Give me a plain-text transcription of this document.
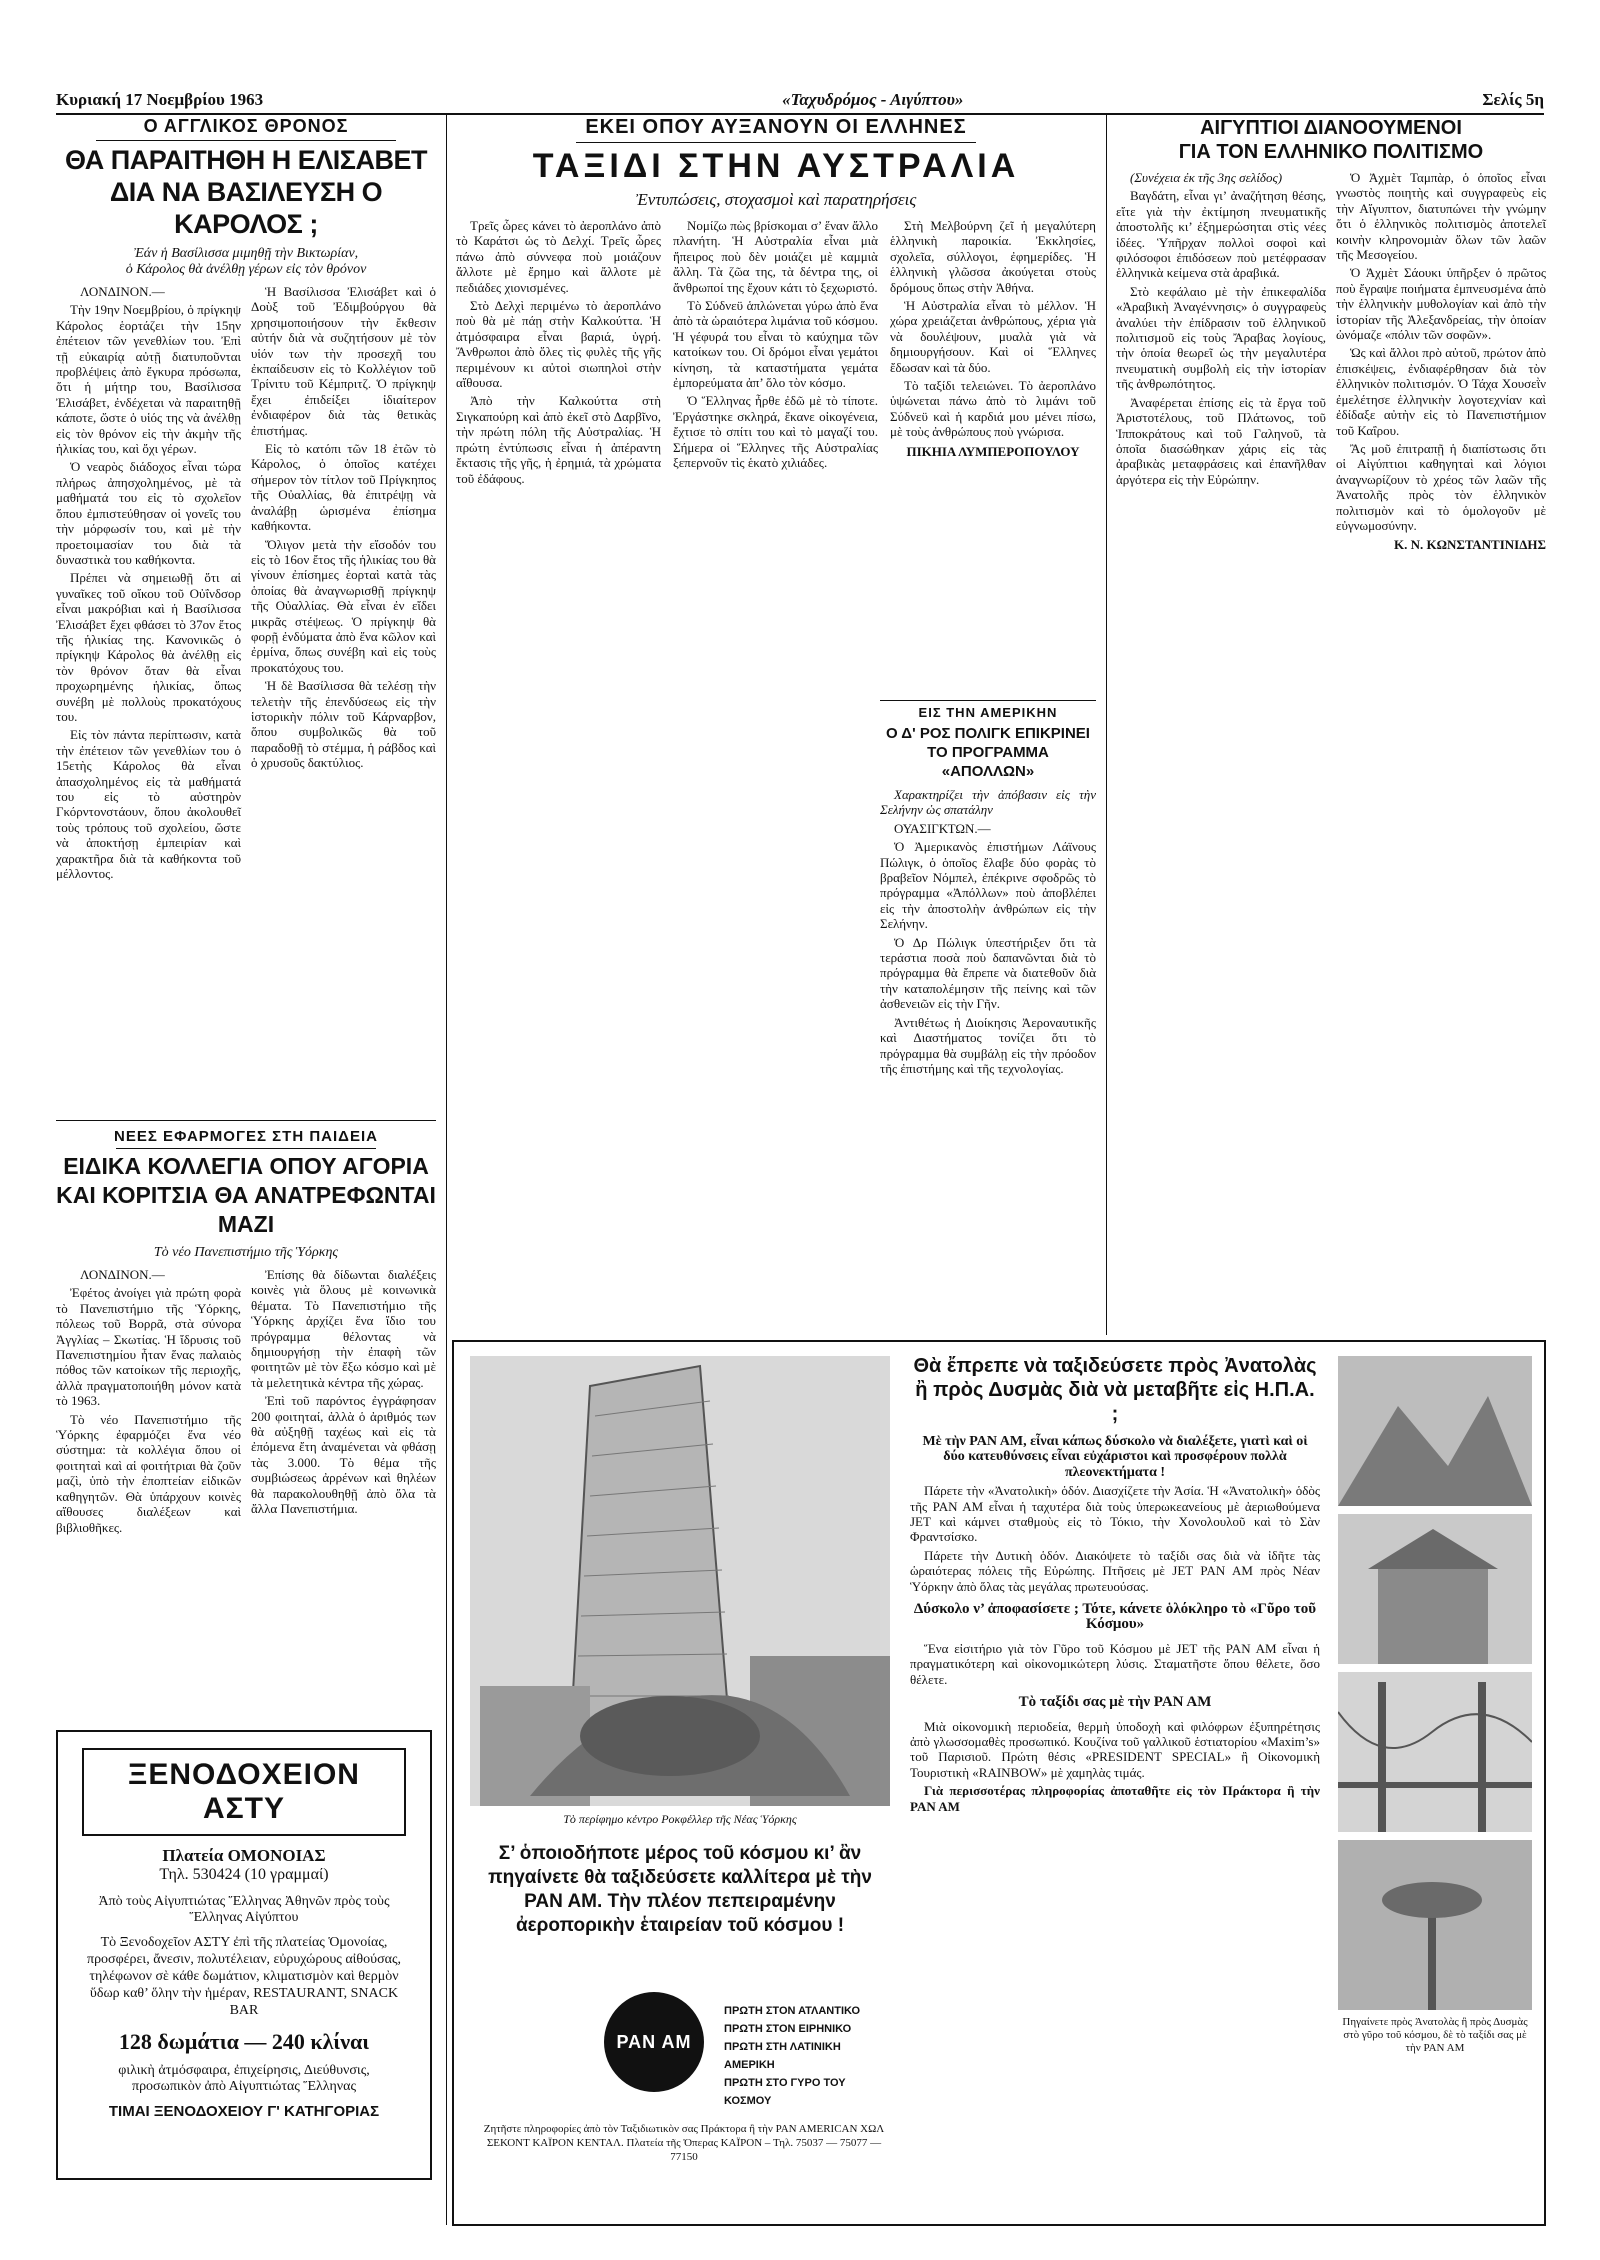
Κυριακή 17 Νοεμβρίου 1963	«Ταχυδρόμος - Αιγύπτου»	Σελίς 5η
Ο ΑΓΓΛΙΚΟΣ ΘΡΟΝΟΣ
ΘΑ ΠΑΡΑΙΤΗΘΗ Η ΕΛΙΣΑΒΕΤ
ΔΙΑ ΝΑ ΒΑΣΙΛΕΥΣΗ Ο ΚΑΡΟΛΟΣ ;
Ἐάν ἡ Βασίλισσα μιμηθῇ τὴν Βικτωρίαν,
ὁ Κάρολος θὰ ἀνέλθῃ γέρων εἰς τὸν θρόνον

ΛΟΝΔΙΝΟΝ.—

Τὴν 19ην Νοεμβρίου, ὁ πρίγκηψ Κάρολος ἑορτάζει τὴν 15ην ἐπέτειον τῶν γενεθλίων του. Ἐπὶ τῇ εὐκαιρίᾳ αὐτῇ διατυποῦνται προβλέψεις ἀπὸ ἔγκυρα πρόσωπα, ὅτι ἡ μήτηρ του, Βασίλισσα Ἐλισάβετ, ἐνδέχεται νὰ παραιτηθῇ κάποτε, ὥστε ὁ υἱός της νὰ ἀνέλθῃ εἰς τὸν θρόνον εἰς τὴν ἀκμὴν τῆς ἡλικίας του, καὶ ὄχι γέρων.

Ὁ νεαρὸς διάδοχος εἶναι τώρα πλήρως ἀπησχολημένος, μὲ τὰ μαθήματά του εἰς τὸ σχολεῖον ὅπου ἐμπιστεύθησαν οἱ γονεῖς του τὴν μόρφωσίν του, καὶ μὲ τὴν προετοιμασίαν του διὰ τὰ δυναστικὰ του καθήκοντα.

Πρέπει νὰ σημειωθῇ ὅτι αἱ γυναῖκες τοῦ οἴκου τοῦ Οὐΐνδσορ εἶναι μακρόβιαι καὶ ἡ Βασίλισσα Ἐλισάβετ ἔχει φθάσει τὸ 37ον ἔτος τῆς ἡλικίας της. Κανονικῶς ὁ πρίγκηψ Κάρολος θὰ ἀνέλθῃ εἰς τὸν θρόνον ὅταν θὰ εἶναι προχωρημένης ἡλικίας, ὅπως συνέβη μὲ πολλοὺς προκατόχους του.

Εἰς τὸν πάντα περίπτωσιν, κατὰ τὴν ἐπέτειον τῶν γενεθλίων του ὁ 15ετὴς Κάρολος θὰ εἶναι ἀπασχολημένος εἰς τὰ μαθήματά του εἰς τὸ αὐστηρὸν Γκόρντονστάουν, ὅπου ἀκολουθεῖ τοὺς τρόπους τοῦ σχολείου, ὥστε νὰ ἀποκτήσῃ ἐμπειρίαν καὶ χαρακτῆρα διὰ τὰ καθήκοντα τοῦ μέλλοντος.

Ἡ Βασίλισσα Ἐλισάβετ καὶ ὁ Δοὺξ τοῦ Ἐδιμβούργου θὰ χρησιμοποιήσουν τὴν ἔκθεσιν αὐτήν διὰ νὰ συζητήσουν μὲ τὸν υἱόν των τὴν προσεχῆ του ἐκπαίδευσιν εἰς τὸ Κολλέγιον τοῦ Τρίνιτυ τοῦ Κέμπριτζ. Ὁ πρίγκηψ ἔχει ἐπιδείξει ἰδιαίτερον ἐνδιαφέρον διὰ τὰς θετικὰς ἐπιστήμας.

Εἰς τὸ κατόπι τῶν 18 ἐτῶν τὸ Κάρολος, ὁ ὁποῖος κατέχει σήμερον τὸν τίτλον τοῦ Πρίγκηπος τῆς Οὐαλλίας, θὰ ἐπιτρέψῃ νὰ ἀναλάβῃ ὡρισμένα ἐπίσημα καθήκοντα.

Ὅλιγον μετὰ τὴν εἴσοδόν του εἰς τὸ 16ον ἔτος τῆς ἡλικίας του θὰ γίνουν ἐπίσημες ἑορταὶ κατὰ τὰς ὁποίας θὰ ἀναγνωρισθῇ πρίγκηψ τῆς Οὐαλλίας. Θὰ εἶναι ἐν εἴδει μικρᾶς στέψεως. Ὁ πρίγκηψ θὰ φορῇ ἐνδύματα ἀπὸ ἕνα κῶλον καὶ ἐρμίνα, ὅπως συνέβη καὶ εἰς τοὺς προκατόχους του.

Ἡ δὲ Βασίλισσα θὰ τελέσῃ τὴν τελετὴν τῆς ἐπενδύσεως εἰς τὴν ἱστορικὴν πόλιν τοῦ Κάρναρβον, ὅπου συμβολικῶς θὰ τοῦ παραδοθῇ τὸ στέμμα, ἡ ράβδος καὶ ὁ χρυσοῦς δακτύλιος.

ΝΕΕΣ ΕΦΑΡΜΟΓΕΣ ΣΤΗ ΠΑΙΔΕΙΑ
ΕΙΔΙΚΑ ΚΟΛΛΕΓΙΑ ΟΠΟΥ ΑΓΟΡΙΑ
ΚΑΙ ΚΟΡΙΤΣΙΑ ΘΑ ΑΝΑΤΡΕΦΩΝΤΑΙ ΜΑΖΙ
Τὸ νέο Πανεπιστήμιο τῆς Ὑόρκης

ΛΟΝΔΙΝΟΝ.—

Ἐφέτος ἀνοίγει γιὰ πρώτη φορὰ τὸ Πανεπιστήμιο τῆς Ὑόρκης, πόλεως τοῦ Βορρᾶ, στὰ σύνορα Ἀγγλίας – Σκωτίας. Ἡ ἴδρυσις τοῦ Πανεπιστημίου ἦταν ἕνας παλαιὸς πόθος τῶν κατοίκων τῆς περιοχῆς, ἀλλὰ πραγματοποιήθη μόνον κατὰ τὸ 1963.

Τὸ νέο Πανεπιστήμιο τῆς Ὑόρκης ἐφαρμόζει ἕνα νέο σύστημα: τὰ κολλέγια ὅπου οἱ φοιτηταὶ καὶ αἱ φοιτήτριαι θὰ ζοῦν μαζὶ, ὑπὸ τὴν ἐποπτείαν εἰδικῶν καθηγητῶν. Θὰ ὑπάρχουν κοινὲς αἴθουσες διαλέξεων καὶ βιβλιοθῆκες.

Ἐπίσης θὰ δίδωνται διαλέξεις κοινὲς γιὰ ὅλους μὲ κοινωνικὰ θέματα. Τὸ Πανεπιστήμιο τῆς Ὑόρκης ἀρχίζει ἕνα ἴδιο του πρόγραμμα θέλοντας νὰ δημιουργήσῃ τὴν ἐπαφὴ τῶν φοιτητῶν μὲ τὸν ἔξω κόσμο καὶ μὲ τὰ μελετητικὰ κέντρα τῆς χώρας.

Ἐπὶ τοῦ παρόντος ἐγγράφησαν 200 φοιτηταί, ἀλλὰ ὁ ἀριθμός των θὰ αὐξηθῇ ταχέως καὶ εἰς τὰ ἐπόμενα ἔτη ἀναμένεται νὰ φθάσῃ τὰς 3.000. Τὸ θέμα τῆς συμβιώσεως ἀρρένων καὶ θηλέων θὰ παρακολουθηθῇ ἀπὸ ὅλα τὰ ἄλλα Πανεπιστήμια.

ΞΕΝΟΔΟΧΕΙΟΝ ΑΣΤΥ
Πλατεία ΟΜΟΝΟΙΑΣ
Τηλ. 530424 (10 γραμμαί)
Ἀπὸ τοὺς Αἰγυπτιώτας Ἕλληνας Ἀθηνῶν πρὸς τοὺς Ἕλληνας Αἰγύπτου
Τὸ Ξενοδοχεῖον ΑΣΤΥ ἐπὶ τῆς πλατείας Ὁμονοίας, προσφέρει, ἄνεσιν, πολυτέλειαν, εὐρυχώρους αἰθούσας, τηλέφωνον σὲ κάθε δωμάτιον, κλιματισμὸν καὶ θερμὸν ὕδωρ καθ’ ὅλην τὴν ἡμέραν, RESTAURANT, SNACK BAR
128 δωμάτια — 240 κλίναι
φιλικὴ ἀτμόσφαιρα, ἐπιχείρησις, Διεύθυνσις, προσωπικὸν ἀπὸ Αἰγυπτιώτας Ἕλληνας
ΤΙΜΑΙ ΞΕΝΟΔΟΧΕΙΟΥ Γ' ΚΑΤΗΓΟΡΙΑΣ
ΕΚΕΙ ΟΠΟΥ ΑΥΞΑΝΟΥΝ ΟΙ ΕΛΛΗΝΕΣ
ΤΑΞΙΔΙ ΣΤΗΝ ΑΥΣΤΡΑΛΙΑ
Ἐντυπώσεις, στοχασμοὶ καὶ παρατηρήσεις

Τρεῖς ὧρες κάνει τὸ ἀεροπλάνο ἀπὸ τὸ Καράτσι ὡς τὸ Δελχί. Τρεῖς ὧρες πάνω ἀπὸ σύννεφα ποὺ μοιάζουν ἄλλοτε μὲ ἔρημο καὶ ἄλλοτε μὲ πεδιάδες χιονισμένες.

Στὸ Δελχὶ περιμένω τὸ ἀεροπλάνο ποὺ θὰ μὲ πάῃ στὴν Καλκούττα. Ἡ ἀτμόσφαιρα εἶναι βαριά, ὑγρή. Ἄνθρωποι ἀπὸ ὅλες τὶς φυλὲς τῆς γῆς περιμένουν κι αὐτοὶ σιωπηλοὶ στὴν αἴθουσα.

Ἀπὸ τὴν Καλκούττα στὴ Σιγκαπούρη καὶ ἀπὸ ἐκεῖ στὸ Δαρβῖνο, τὴν πρώτη πόλη τῆς Αὐστραλίας. Ἡ πρώτη ἐντύπωσις εἶναι ἡ ἀπέραντη ἔκτασις τῆς γῆς, ἡ ἐρημιά, τὰ χρώματα τοῦ ἐδάφους.

Νομίζω πὼς βρίσκομαι σ’ ἕναν ἄλλο πλανήτη. Ἡ Αὐστραλία εἶναι μιὰ ἤπειρος ποὺ δὲν μοιάζει μὲ καμμιὰ ἄλλη. Τὰ ζῶα της, τὰ δέντρα της, οἱ ἄνθρωποί της ἔχουν κάτι τὸ ξεχωριστό.

Τὸ Σύδνεϋ ἁπλώνεται γύρω ἀπὸ ἕνα ἀπὸ τὰ ὡραιότερα λιμάνια τοῦ κόσμου. Ἡ γέφυρά του εἶναι τὸ καύχημα τῶν κατοίκων του. Οἱ δρόμοι εἶναι γεμάτοι κίνηση, τὰ καταστήματα γεμάτα ἐμπορεύματα ἀπ’ ὅλο τὸν κόσμο.

Ὁ Ἕλληνας ἦρθε ἐδῶ μὲ τὸ τίποτε. Ἐργάστηκε σκληρά, ἔκανε οἰκογένεια, ἔχτισε τὸ σπίτι του καὶ τὸ μαγαζί του. Σήμερα οἱ Ἕλληνες τῆς Αὐστραλίας ξεπερνοῦν τὶς ἑκατὸ χιλιάδες.

Στὴ Μελβούρνη ζεῖ ἡ μεγαλύτερη ἑλληνικὴ παροικία. Ἐκκλησίες, σχολεῖα, σύλλογοι, ἐφημερίδες. Ἡ ἑλληνικὴ γλῶσσα ἀκούγεται στοὺς δρόμους ὅπως στὴν Ἀθήνα.

Ἡ Αὐστραλία εἶναι τὸ μέλλον. Ἡ χώρα χρειάζεται ἀνθρώπους, χέρια γιὰ νὰ δουλέψουν, μυαλὰ γιὰ νὰ δημιουργήσουν. Καὶ οἱ Ἕλληνες ἔδωσαν καὶ τὰ δύο.

Τὸ ταξίδι τελειώνει. Τὸ ἀεροπλάνο ὑψώνεται πάνω ἀπὸ τὸ λιμάνι τοῦ Σύδνεϋ καὶ ἡ καρδιά μου μένει πίσω, μὲ τοὺς ἀνθρώπους ποὺ γνώρισα.

ΠΙΚΗΙΑ ΛΥΜΠΕΡΟΠΟΥΛΟΥ
ΕΙΣ ΤΗΝ ΑΜΕΡΙΚΗΝ
Ο Δ' ΡΟΣ ΠΟΛΙΓΚ ΕΠΙΚΡΙΝΕΙ
ΤΟ ΠΡΟΓΡΑΜΜΑ «ΑΠΟΛΛΩΝ»

Χαρακτηρίζει τὴν ἀπόβασιν εἰς τὴν Σελήνην ὡς σπατάλην

ΟΥΑΣΙΓΚΤΩΝ.—

Ὁ Ἀμερικανὸς ἐπιστήμων Λάϊνους Πώλιγκ, ὁ ὁποῖος ἔλαβε δύο φορὰς τὸ βραβεῖον Νόμπελ, ἐπέκρινε σφοδρῶς τὸ πρόγραμμα «Ἀπόλλων» ποὺ ἀποβλέπει εἰς τὴν ἀποστολὴν ἀνθρώπων εἰς τὴν Σελήνην.

Ὁ Δρ Πώλιγκ ὑπεστήριξεν ὅτι τὰ τεράστια ποσὰ ποὺ δαπανῶνται διὰ τὸ πρόγραμμα θὰ ἔπρεπε νὰ διατεθοῦν διὰ τὴν καταπολέμησιν τῆς πείνης καὶ τῶν ἀσθενειῶν εἰς τὴν Γῆν.

Ἀντιθέτως ἡ Διοίκησις Ἀεροναυτικῆς καὶ Διαστήματος τονίζει ὅτι τὸ πρόγραμμα θὰ συμβάλῃ εἰς τὴν πρόοδον τῆς ἐπιστήμης καὶ τῆς τεχνολογίας.

ΑΙΓΥΠΤΙΟΙ ΔΙΑΝΟΟΥΜΕΝΟΙ
ΓΙΑ ΤΟΝ ΕΛΛΗΝΙΚΟ ΠΟΛΙΤΙΣΜΟ

(Συνέχεια ἐκ τῆς 3ης σελίδος)

Βαγδάτη, εἶναι γι’ ἀναζήτηση θέσης, εἴτε γιὰ τὴν ἐκτίμηση πνευματικῆς ἀποστολῆς κι’ ἐξημερώσηται στὶς νέες ἰδέες. Ὑπῆρχαν πολλοὶ σοφοὶ καὶ φιλόσοφοι ἐπιδόσεων ποὺ μετέφρασαν ἑλληνικὰ κείμενα στὰ ἀραβικά.

Στὸ κεφάλαιο μὲ τὴν ἐπικεφαλίδα «Ἀραβικὴ Ἀναγέννησις» ὁ συγγραφεὺς ἀναλύει τὴν ἐπίδρασιν τοῦ ἑλληνικοῦ πολιτισμοῦ εἰς τοὺς Ἄραβας λογίους, τὴν ὁποία θεωρεῖ ὡς τὴν μεγαλυτέρα πνευματικὴ συμβολὴ εἰς τὴν ἱστορίαν τῆς ἀνθρωπότητος.

Ἀναφέρεται ἐπίσης εἰς τὰ ἔργα τοῦ Ἀριστοτέλους, τοῦ Πλάτωνος, τοῦ Ἱπποκράτους καὶ τοῦ Γαληνοῦ, τὰ ὁποῖα διασώθηκαν χάρις εἰς τὰς ἀραβικὰς μεταφράσεις καὶ ἐπανῆλθαν ἀργότερα εἰς τὴν Εὐρώπην.

Ὁ Ἀχμὲτ Ταμπὰρ, ὁ ὁποῖος εἶναι γνωστὸς ποιητὴς καὶ συγγραφεὺς εἰς τὴν Αἴγυπτον, διατυπώνει τὴν γνώμην ὅτι ὁ ἑλληνικὸς πολιτισμὸς ἀποτελεῖ κοινὴν κληρονομιὰν ὅλων τῶν λαῶν τῆς Μεσογείου.

Ὁ Ἀχμὲτ Σάουκι ὑπῆρξεν ὁ πρῶτος ποὺ ἔγραψε ποιήματα ἐμπνευσμένα ἀπὸ τὴν ἑλληνικὴν μυθολογίαν καὶ ἀπὸ τὴν ἱστορίαν τῆς Ἀλεξανδρείας, τὴν ὁποίαν ὠνόμαζε «πόλιν τῶν σοφῶν».

Ὡς καὶ ἄλλοι πρὸ αὐτοῦ, πρώτον ἀπὸ ἐπισκέψεις, ἐνδιαφέρθησαν διὰ τὸν ἑλληνικὸν πολιτισμόν. Ὁ Τάχα Χουσεῒν ἐμελέτησε ἑλληνικὴν λογοτεχνίαν καὶ ἐδίδαξε αὐτὴν εἰς τὸ Πανεπιστήμιον τοῦ Καΐρου.

Ἂς μοῦ ἐπιτραπῇ ἡ διαπίστωσις ὅτι οἱ Αἰγύπτιοι καθηγηταὶ καὶ λόγιοι ἀναγνωρίζουν τὸ χρέος τῶν λαῶν τῆς Ἀνατολῆς πρὸς τὸν ἑλληνικὸν πολιτισμὸν καὶ τὸ ὁμολογοῦν μὲ εὐγνωμοσύνην.

Κ. Ν. ΚΩΝΣΤΑΝΤΙΝΙΔΗΣ
Τὸ περίφημο κέντρο Ροκφέλλερ τῆς Νέας Ὑόρκης
Σ’ ὁποιοδήποτε μέρος τοῦ κόσμου κι’ ἂν πηγαίνετε θὰ ταξιδεύσετε καλλίτερα μὲ τὴν PAN AM. Τὴν πλέον πεπειραμένην ἀεροπορικὴν ἑταιρείαν τοῦ κόσμου !
PAN AM
ΠΡΩΤΗ ΣΤΟΝ ΑΤΛΑΝΤΙΚΟ
ΠΡΩΤΗ ΣΤΟΝ ΕΙΡΗΝΙΚΟ
ΠΡΩΤΗ ΣΤΗ ΛΑΤΙΝΙΚΗ ΑΜΕΡΙΚΗ
ΠΡΩΤΗ ΣΤΟ ΓΥΡΟ ΤΟΥ ΚΟΣΜΟΥ
Ζητῆστε πληροφορίες ἀπὸ τὸν Ταξιδιωτικὸν σας Πράκτορα ἢ τὴν PAN AMERICAN ΧΩΛ ΣΕΚΟΝΤ ΚΑΪΡΟΝ ΚΕΝΤΑΛ. Πλατεία τῆς Ὀπερας ΚΑΪΡΟΝ – Τηλ. 75037 — 75077 — 77150
Θὰ ἔπρεπε νὰ ταξιδεύσετε πρὸς Ἀνατολὰς ἢ πρὸς Δυσμὰς διὰ νὰ μεταβῆτε εἰς Η.Π.Α. ;

Μὲ τὴν PAN AM, εἶναι κάπως δύσκολο νὰ διαλέξετε, γιατὶ καὶ οἱ δύο κατευθύνσεις εἶναι εὐχάριστοι καὶ προσφέρουν πολλὰ πλεονεκτήματα !

Πάρετε τὴν «Ἀνατολικὴ» ὁδόν. Διασχίζετε τὴν Ἀσία. Ἡ «Ἀνατολικὴ» ὁδὸς τῆς PAN AM εἶναι ἡ ταχυτέρα διὰ τοὺς ὑπερωκεανείους μὲ ἀεριωθούμενα JET καὶ κάμνει σταθμοὺς εἰς τὸ Τόκιο, τὴν Χονολουλοῦ καὶ τὸ Σὰν Φραντσίσκο.

Πάρετε τὴν Δυτικὴ ὁδόν. Διακόψετε τὸ ταξίδι σας διὰ νὰ ἰδῆτε τὰς ὡραιότερας πόλεις τῆς Εὐρώπης. Πτῆσεις μὲ JET PAN AM πρὸς Νέαν Ὑόρκην ἀπὸ ὅλας τὰς μεγάλας πρωτευούσας.

Δύσκολο ν’ ἀποφασίσετε ; Τότε, κάνετε ὁλόκληρο τὸ «Γῦρο τοῦ Κόσμου»

Ἕνα εἰσιτήριο γιὰ τὸν Γῦρο τοῦ Κόσμου μὲ JET τῆς PAN AM εἶναι ἡ πραγματικότερη καὶ οἰκονομικώτερη λύσις. Σταματῆστε ὅπου θέλετε, ὅσο θέλετε.

Τὸ ταξίδι σας μὲ τὴν PAN AM

Μιὰ οἰκονομικὴ περιοδεία, θερμὴ ὑποδοχὴ καὶ φιλόφρων ἐξυπηρέτησις ἀπὸ γλωσσομαθὲς προσωπικό. Κουζίνα τοῦ γαλλικοῦ ἑστιατορίου «Maxim’s» τοῦ Παρισιοῦ. Πρώτη θέσις «PRESIDENT SPECIAL» ἢ Οἰκονομικὴ Τουριστικὴ «RAINBOW» μὲ χαμηλὰς τιμάς.

Γιὰ περισσοτέρας πληροφορίας ἀποταθῆτε εἰς τὸν Πράκτορα ἢ τὴν PAN AM

Πηγαίνετε πρὸς Ἀνατολὰς ἢ πρὸς Δυσμὰς στὸ γῦρο τοῦ κόσμου, δὲ τὸ ταξίδι σας μὲ τὴν PAN AM
